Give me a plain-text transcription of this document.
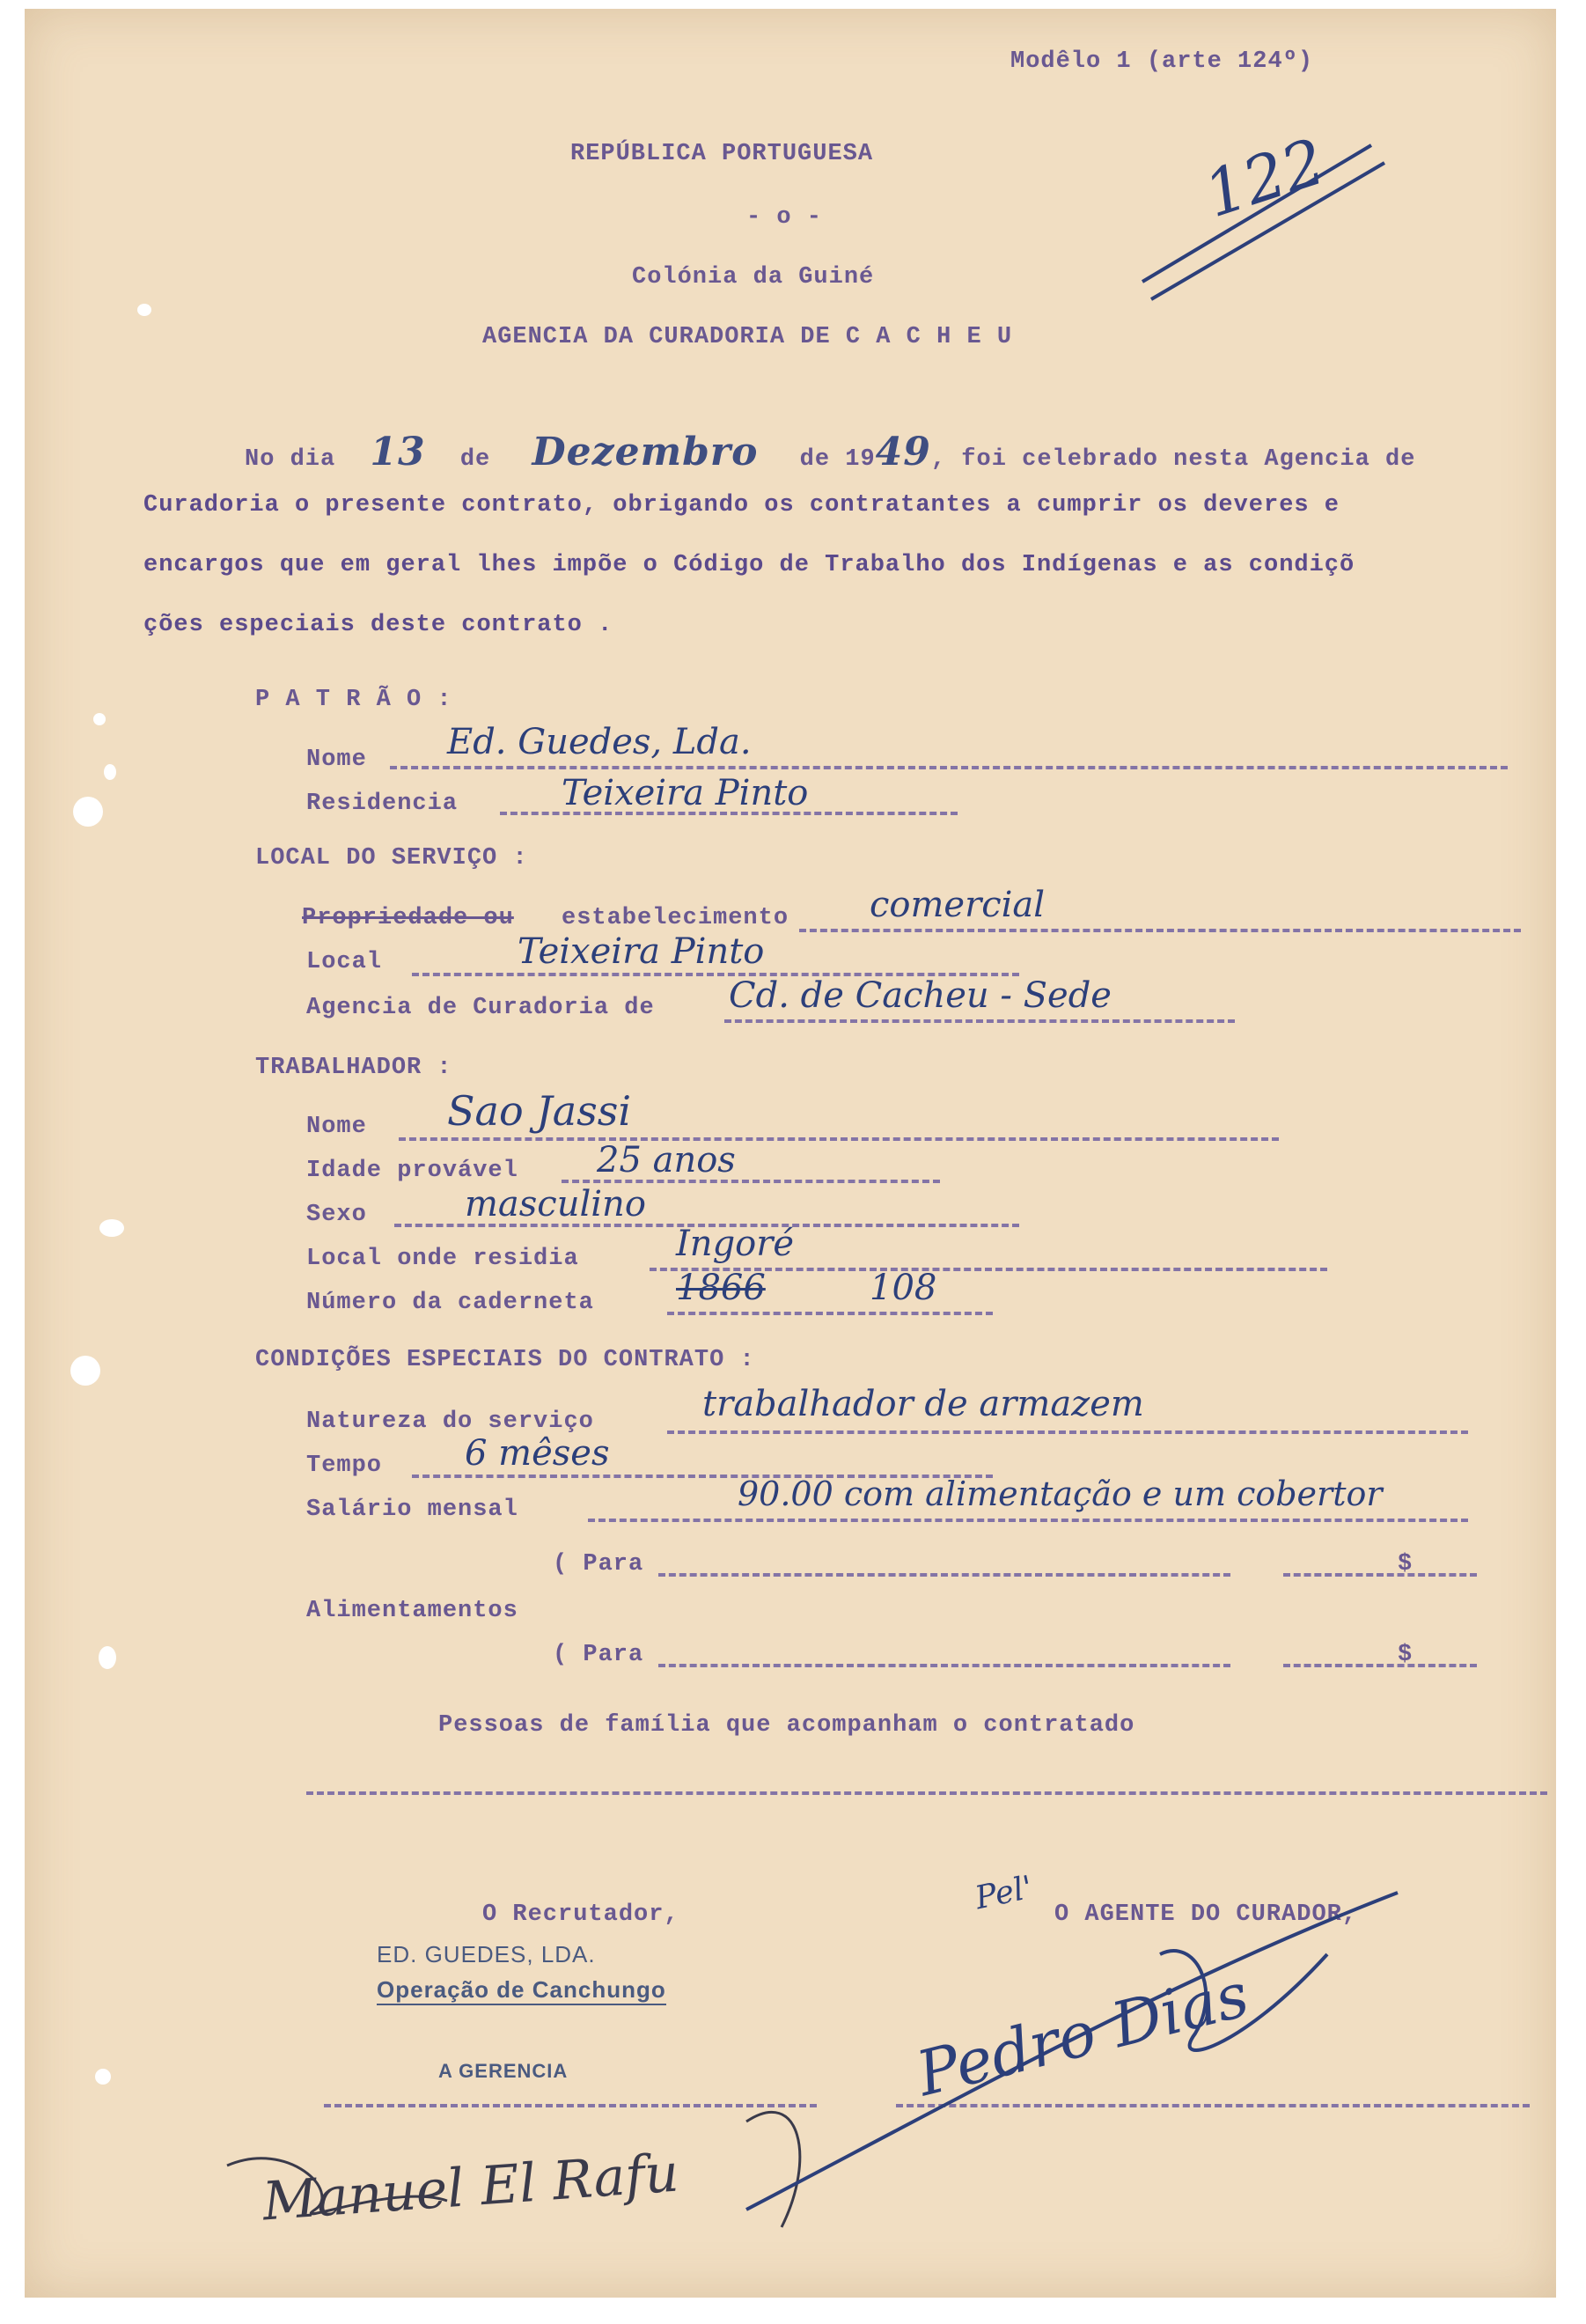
Modêlo 1 (arte 124º)
122
REPÚBLICA PORTUGUESA
- o -
Colónia da Guiné
AGENCIA DA CURADORIA DE C A C H E U
No dia 13 de Dezembro de 1949, foi celebrado nesta Agencia de
Curadoria o presente contrato, obrigando os contratantes a cumprir os deveres e
encargos que em geral lhes impõe o Código de Trabalho dos Indígenas e as condiçõ
ções especiais deste contrato .
P A T R Ã O :
Nome Ed. Guedes, Lda.
Residencia	Teixeira Pinto
LOCAL DO SERVIÇO :
Propriedade ou estabelecimento comercial
Local	Teixeira Pinto
Agencia de Curadoria de Cd. de Cacheu - Sede
TRABALHADOR :
Nome Sao Jassi
Idade provável 25 anos
Sexo	masculino
Local onde residia	Ingoré
Número da caderneta 1866	108
CONDIÇÕES ESPECIAIS DO CONTRATO :
Natureza do serviço	trabalhador de armazem
Tempo 6 mêses
Salário mensal	90.00 com alimentação e um cobertor
( Para	$
Alimentamentos
( Para	$
Pessoas de família que acompanham o contratado
O Recrutador,
ED. GUEDES, LDA.
Operação de Canchungo
A GERENCIA
Manuel El Rafu
Pel' O AGENTE DO CURADOR,
Pedro Dias
